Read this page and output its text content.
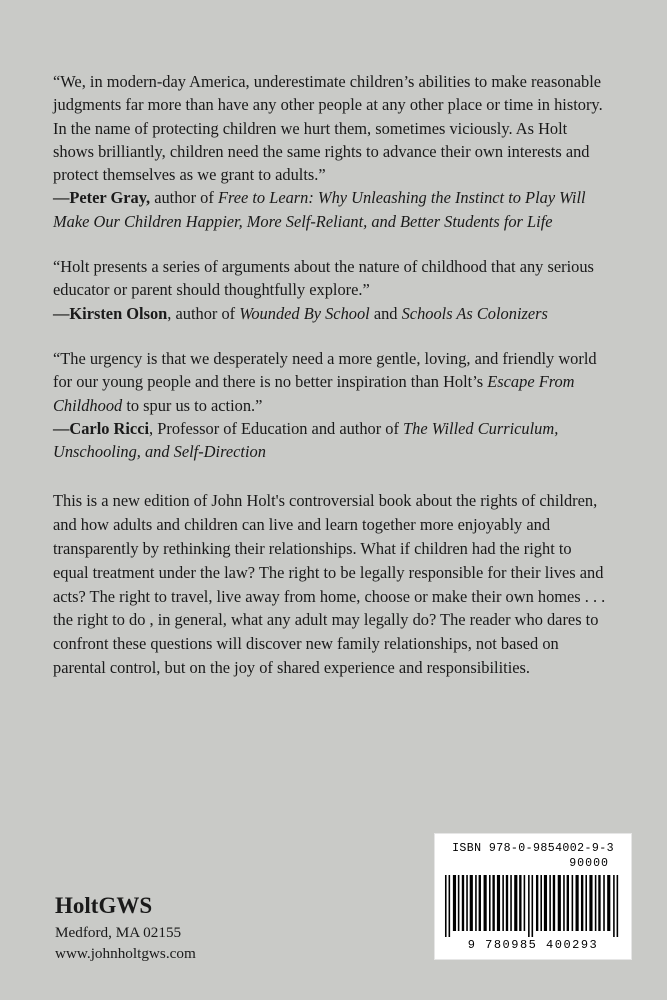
“We, in modern-day America, underestimate children’s abilities to make reasonable judgments far more than have any other people at any other place or time in history. In the name of protecting children we hurt them, sometimes viciously. As Holt shows brilliantly, children need the same rights to advance their own interests and protect themselves as we grant to adults.”

—Peter Gray, author of Free to Learn: Why Unleashing the Instinct to Play Will Make Our Children Happier, More Self-Reliant, and Better Students for Life
“Holt presents a series of arguments about the nature of childhood that any serious educator or parent should thoughtfully explore.”

—Kirsten Olson, author of Wounded By School and Schools As Colonizers
“The urgency is that we desperately need a more gentle, loving, and friendly world for our young people and there is no better inspiration than Holt’s Escape From Childhood to spur us to action.”

—Carlo Ricci, Professor of Education and author of The Willed Curriculum, Unschooling, and Self-Direction
This is a new edition of John Holt's controversial book about the rights of children, and how adults and children can live and learn together more enjoyably and transparently by rethinking their relationships. What if children had the right to equal treatment under the law? The right to be legally responsible for their lives and acts? The right to travel, live away from home, choose or make their own homes . . . the right to do , in general, what any adult may legally do? The reader who dares to confront these questions will discover new family relationships, not based on parental control, but on the joy of shared experience and responsibilities.
HoltGWS
Medford, MA 02155
www.johnholtgws.com
ISBN 978-0-9854002-9-3
90000
9 780985 400293
